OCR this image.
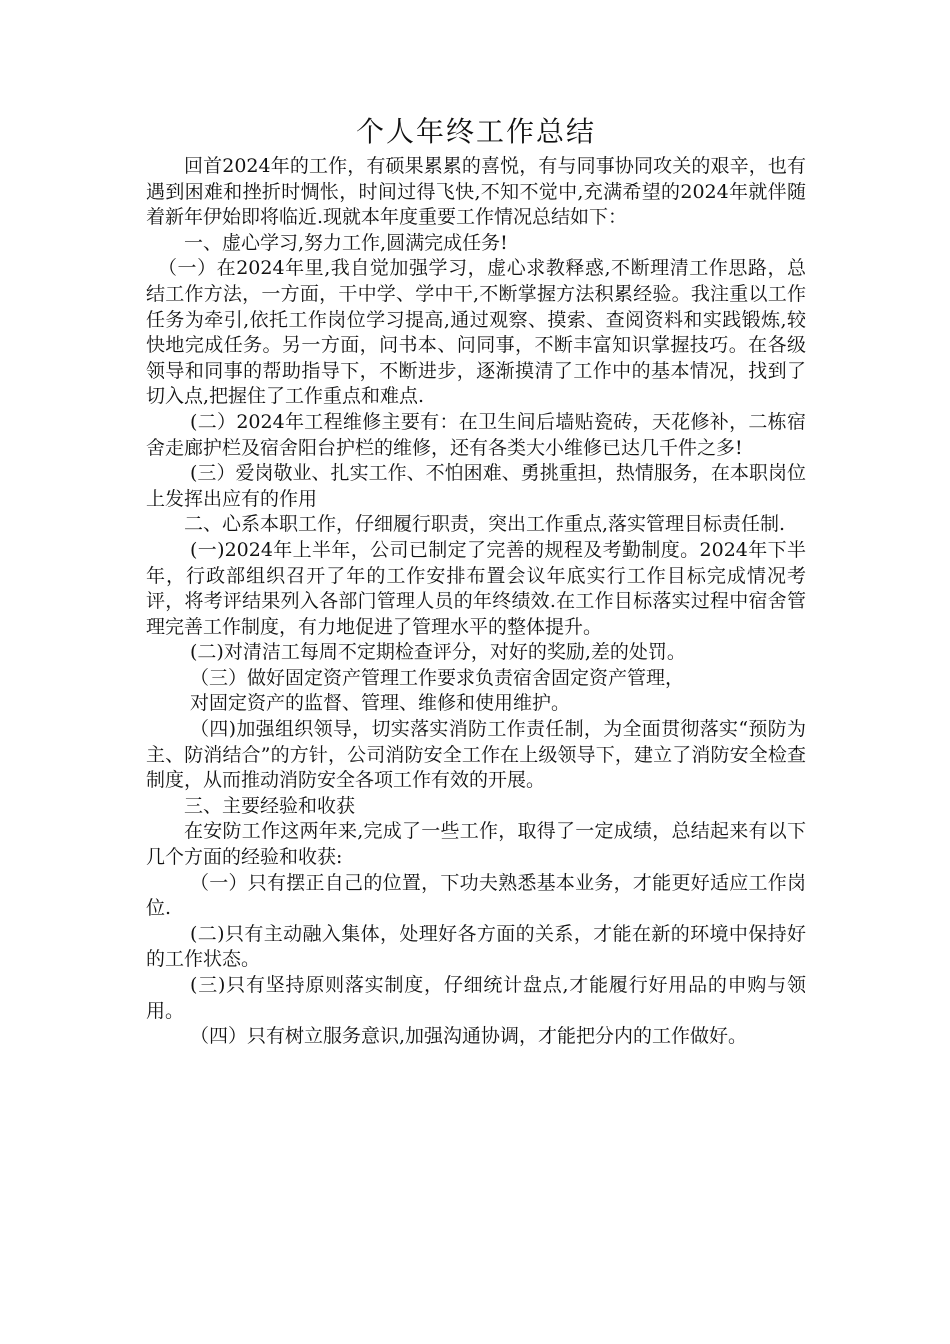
个人年终工作总结

回首2024年的工作，有硕果累累的喜悦，有与同事协同攻关的艰辛，也有遇到困难和挫折时惆怅，时间过得飞快,不知不觉中,充满希望的2024年就伴随着新年伊始即将临近.现就本年度重要工作情况总结如下：

一、虚心学习,努力工作,圆满完成任务!

（一）在2024年里,我自觉加强学习，虚心求教释惑,不断理清工作思路，总结工作方法，一方面，干中学、学中干,不断掌握方法积累经验。我注重以工作任务为牵引,依托工作岗位学习提高,通过观察、摸索、查阅资料和实践锻炼,较快地完成任务。另一方面，问书本、问同事，不断丰富知识掌握技巧。在各级领导和同事的帮助指导下，不断进步，逐渐摸清了工作中的基本情况，找到了切入点,把握住了工作重点和难点.

(二）2024年工程维修主要有：在卫生间后墙贴瓷砖，天花修补，二栋宿舍走廊护栏及宿舍阳台护栏的维修，还有各类大小维修已达几千件之多!

(三）爱岗敬业、扎实工作、不怕困难、勇挑重担，热情服务，在本职岗位上发挥出应有的作用

二、心系本职工作，仔细履行职责，突出工作重点,落实管理目标责任制.

(一)2024年上半年，公司已制定了完善的规程及考勤制度。2024年下半年，行政部组织召开了年的工作安排布置会议年底实行工作目标完成情况考评，将考评结果列入各部门管理人员的年终绩效.在工作目标落实过程中宿舍管理完善工作制度，有力地促进了管理水平的整体提升。

(二)对清洁工每周不定期检查评分，对好的奖励,差的处罚。

（三）做好固定资产管理工作要求负责宿舍固定资产管理，

对固定资产的监督、管理、维修和使用维护。

（四)加强组织领导，切实落实消防工作责任制，为全面贯彻落实“预防为主、防消结合”的方针，公司消防安全工作在上级领导下，建立了消防安全检查制度，从而推动消防安全各项工作有效的开展。

三、主要经验和收获

在安防工作这两年来,完成了一些工作，取得了一定成绩，总结起来有以下几个方面的经验和收获:

（一）只有摆正自己的位置，下功夫熟悉基本业务，才能更好适应工作岗位.

(二)只有主动融入集体，处理好各方面的关系，才能在新的环境中保持好的工作状态。

(三)只有坚持原则落实制度，仔细统计盘点,才能履行好用品的申购与领用。

（四）只有树立服务意识,加强沟通协调，才能把分内的工作做好。
